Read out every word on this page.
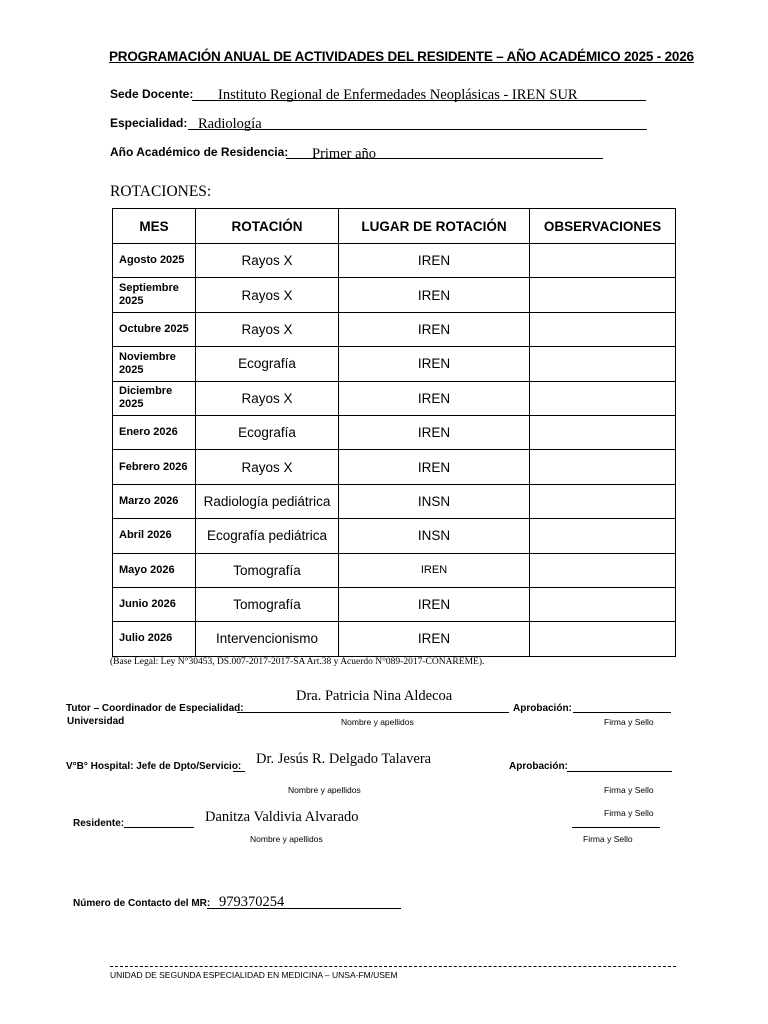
PROGRAMACIÓN ANUAL DE ACTIVIDADES DEL RESIDENTE – AÑO ACADÉMICO 2025 - 2026
Sede Docente: Instituto Regional de Enfermedades Neoplásicas - IREN SUR
Especialidad: Radiología
Año Académico de Residencia: Primer año
ROTACIONES:
MES	ROTACIÓN	LUGAR DE ROTACIÓN	OBSERVACIONES
Agosto 2025	Rayos X	IREN	
Septiembre 2025	Rayos X	IREN	
Octubre 2025	Rayos X	IREN	
Noviembre 2025	Ecografía	IREN	
Diciembre 2025	Rayos X	IREN	
Enero 2026	Ecografía	IREN	
Febrero 2026	Rayos X	IREN	
Marzo 2026	Radiología pediátrica	INSN	
Abril 2026	Ecografía pediátrica	INSN	
Mayo 2026	Tomografía	IREN	
Junio 2026	Tomografía	IREN	
Julio 2026	Intervencionismo	IREN	
(Base Legal: Ley N°30453, DS.007-2017-2017-SA Art.38 y Acuerdo N°089-2017-CONAREME).
Tutor – Coordinador de Especialidad:
Universidad
Dra. Patricia Nina Aldecoa
Nombre y apellidos
Aprobación:
Firma y Sello
V°B° Hospital: Jefe de Dpto/Servicio: Dr. Jesús R. Delgado Talavera
Nombre y apellidos
Aprobación:
Firma y Sello
Residente:	Danitza Valdivia Alvarado
Nombre y apellidos
Firma y Sello
Firma y Sello
Número de Contacto del MR: 979370254
UNIDAD DE SEGUNDA ESPECIALIDAD EN MEDICINA – UNSA-FM/USEM
